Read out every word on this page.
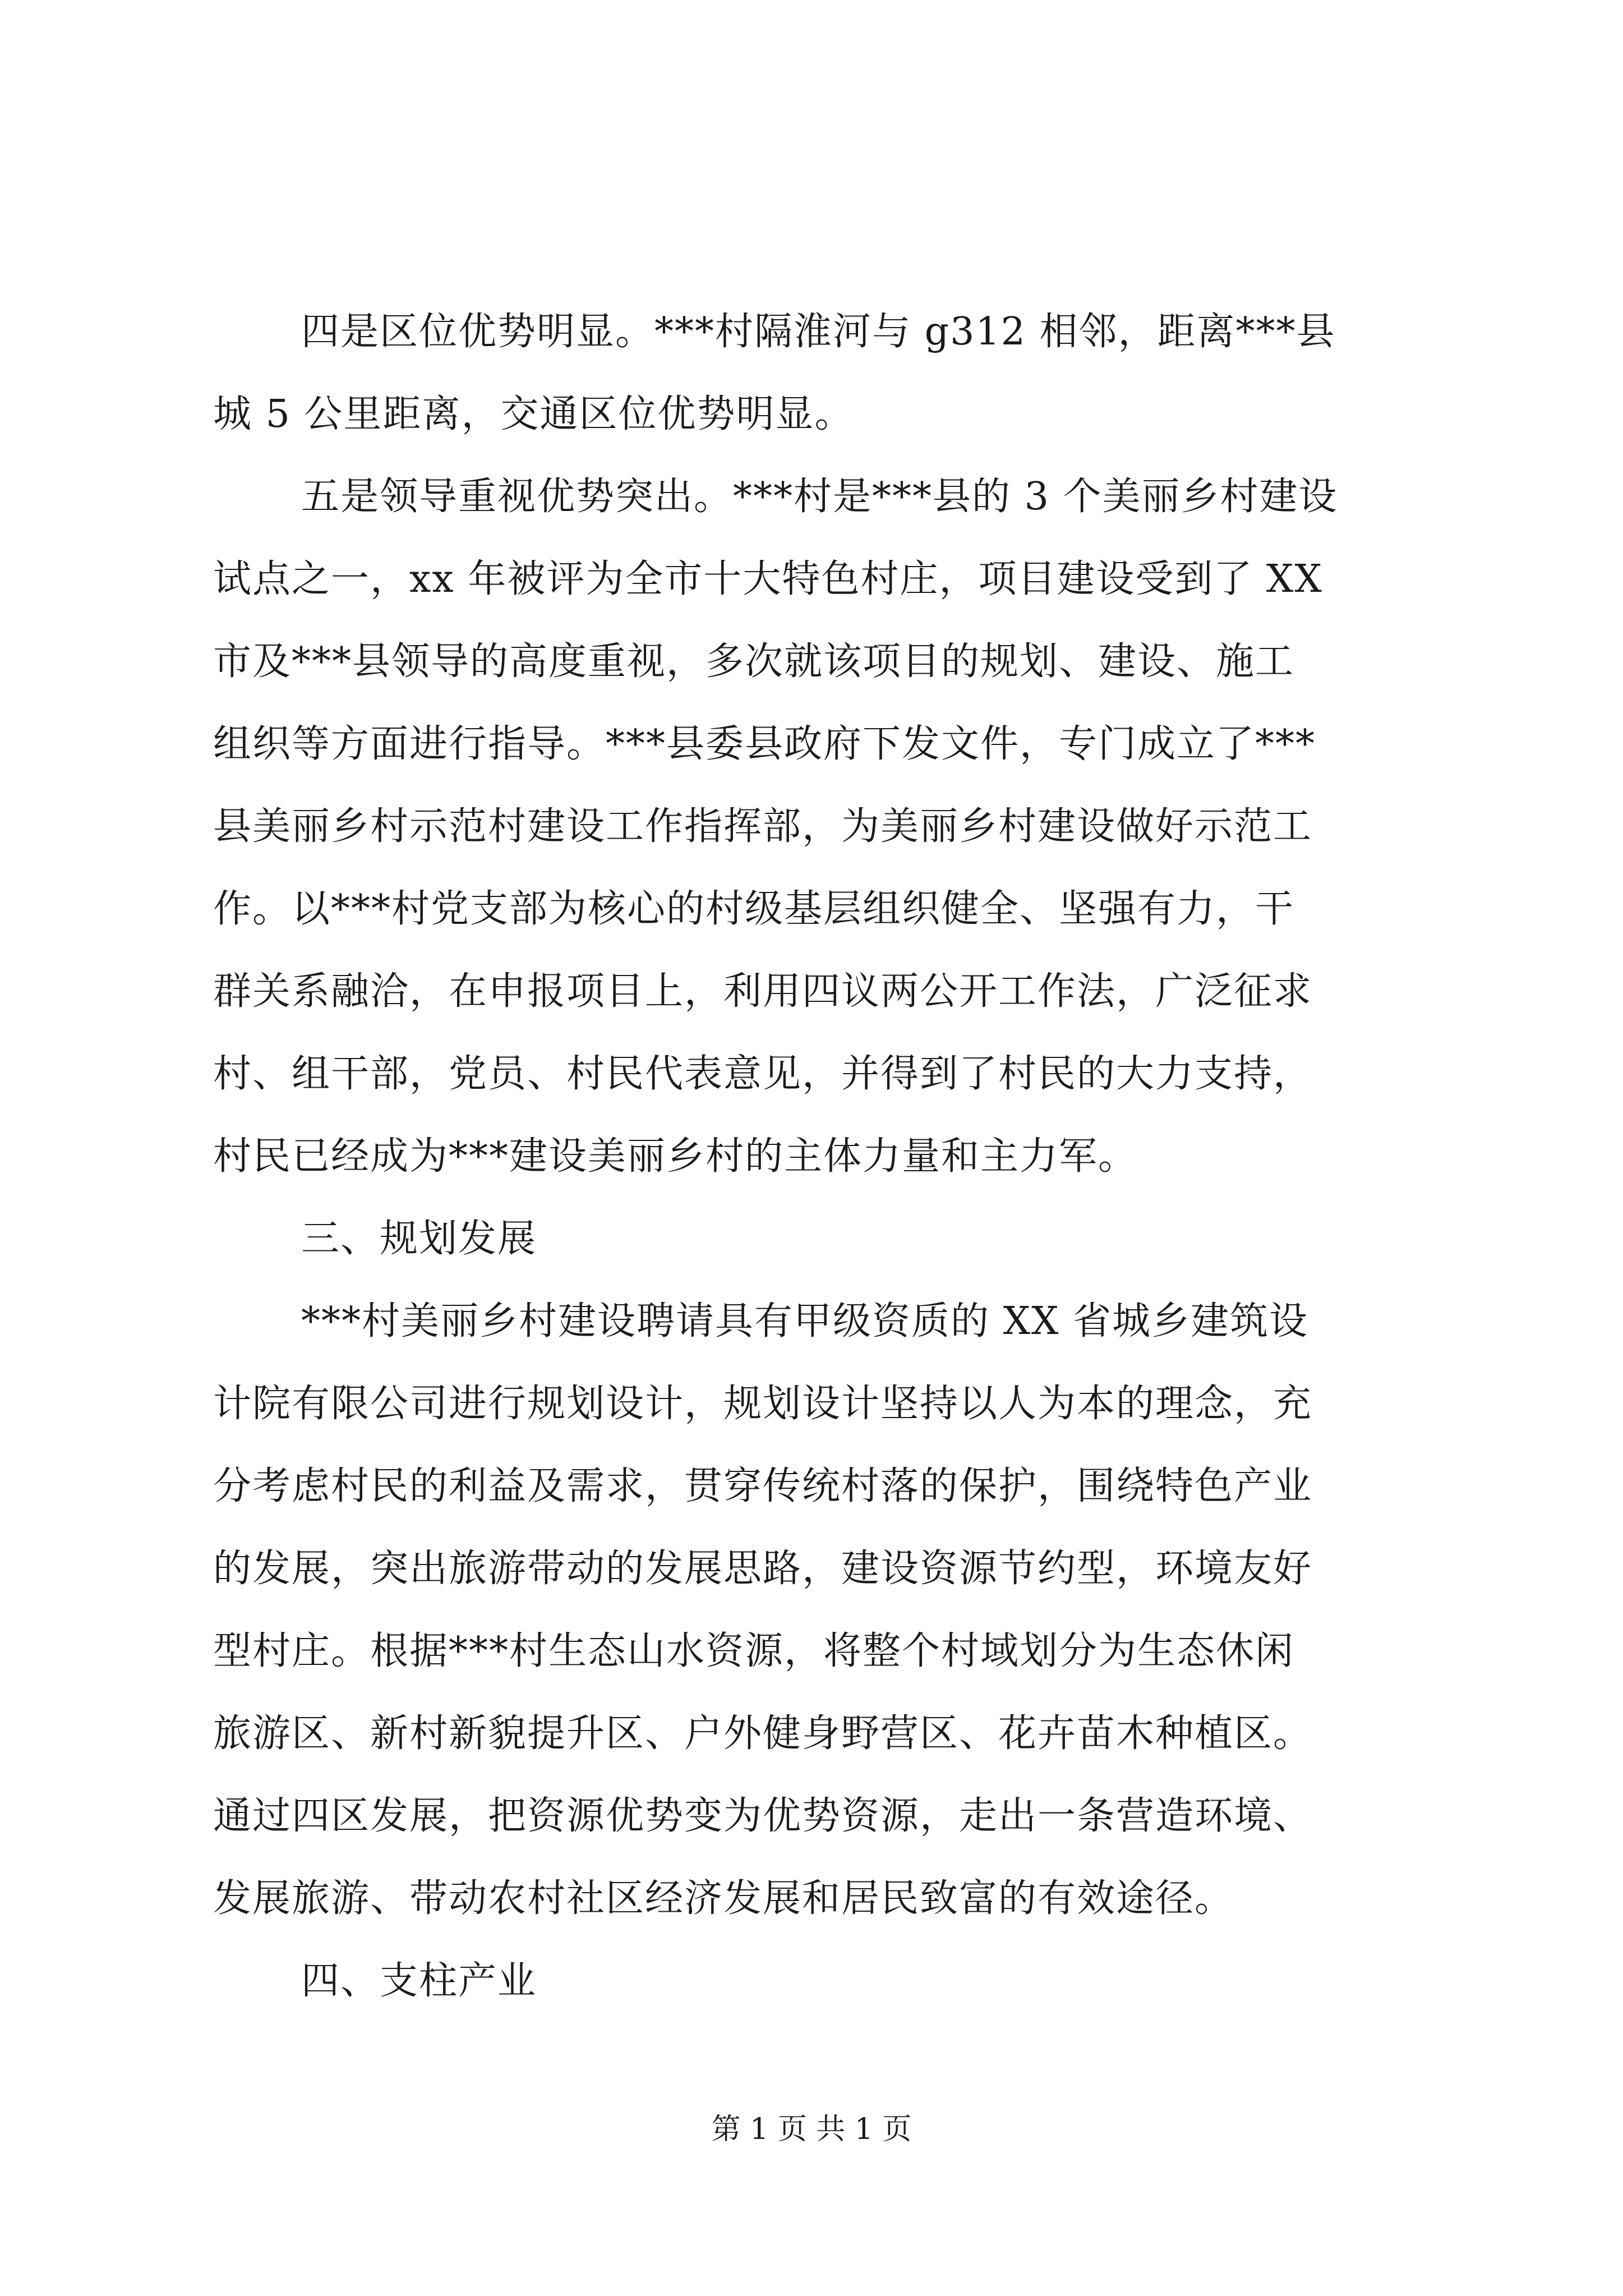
四是区位优势明显。***村隔淮河与 g312 相邻，距离***县
城 5 公里距离，交通区位优势明显。
五是领导重视优势突出。***村是***县的 3 个美丽乡村建设
试点之一，xx 年被评为全市十大特色村庄，项目建设受到了 XX
市及***县领导的高度重视，多次就该项目的规划、建设、施工
组织等方面进行指导。***县委县政府下发文件，专门成立了***
县美丽乡村示范村建设工作指挥部，为美丽乡村建设做好示范工
作。以***村党支部为核心的村级基层组织健全、坚强有力，干
群关系融洽，在申报项目上，利用四议两公开工作法，广泛征求
村、组干部，党员、村民代表意见，并得到了村民的大力支持，
村民已经成为***建设美丽乡村的主体力量和主力军。
三、规划发展
***村美丽乡村建设聘请具有甲级资质的 XX 省城乡建筑设
计院有限公司进行规划设计，规划设计坚持以人为本的理念，充
分考虑村民的利益及需求，贯穿传统村落的保护，围绕特色产业
的发展，突出旅游带动的发展思路，建设资源节约型，环境友好
型村庄。根据***村生态山水资源，将整个村域划分为生态休闲
旅游区、新村新貌提升区、户外健身野营区、花卉苗木种植区。
通过四区发展，把资源优势变为优势资源，走出一条营造环境、
发展旅游、带动农村社区经济发展和居民致富的有效途径。
四、支柱产业
第 1 页 共 1 页
